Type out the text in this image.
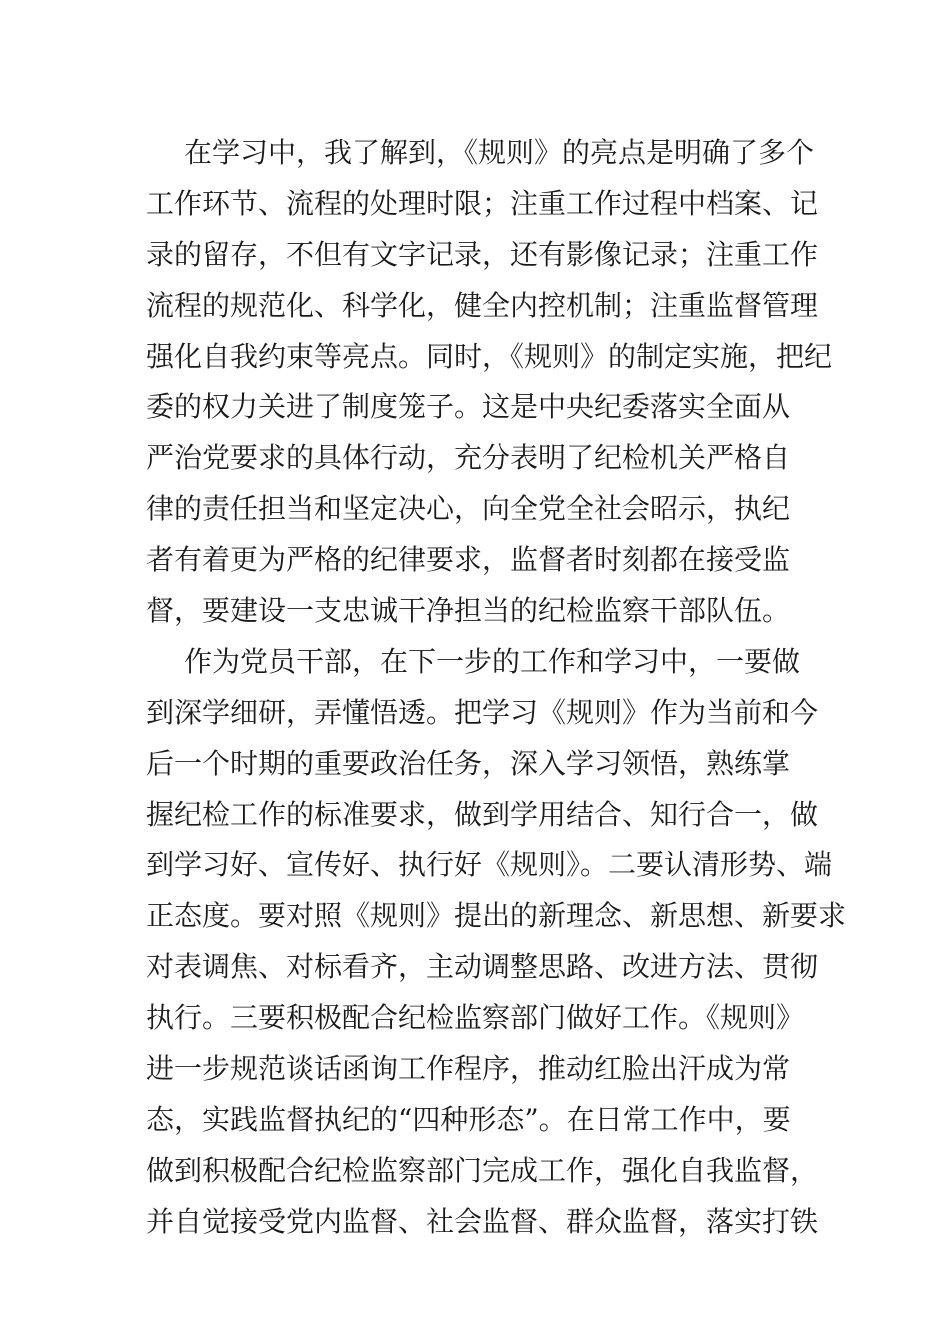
在学习中，我了解到，《规则》的亮点是明确了多个
工作环节、流程的处理时限；注重工作过程中档案、记
录的留存，不但有文字记录，还有影像记录；注重工作
流程的规范化、科学化，健全内控机制；注重监督管理
强化自我约束等亮点。同时，《规则》的制定实施，把纪
委的权力关进了制度笼子。这是中央纪委落实全面从
严治党要求的具体行动，充分表明了纪检机关严格自
律的责任担当和坚定决心，向全党全社会昭示，执纪
者有着更为严格的纪律要求，监督者时刻都在接受监
督，要建设一支忠诚干净担当的纪检监察干部队伍。
作为党员干部，在下一步的工作和学习中，一要做
到深学细研，弄懂悟透。把学习《规则》作为当前和今
后一个时期的重要政治任务，深入学习领悟，熟练掌
握纪检工作的标准要求，做到学用结合、知行合一，做
到学习好、宣传好、执行好《规则》。二要认清形势、端
正态度。要对照《规则》提出的新理念、新思想、新要求
对表调焦、对标看齐，主动调整思路、改进方法、贯彻
执行。三要积极配合纪检监察部门做好工作。《规则》
进一步规范谈话函询工作程序，推动红脸出汗成为常
态，实践监督执纪的“四种形态”。在日常工作中，要
做到积极配合纪检监察部门完成工作，强化自我监督，
并自觉接受党内监督、社会监督、群众监督，落实打铁
